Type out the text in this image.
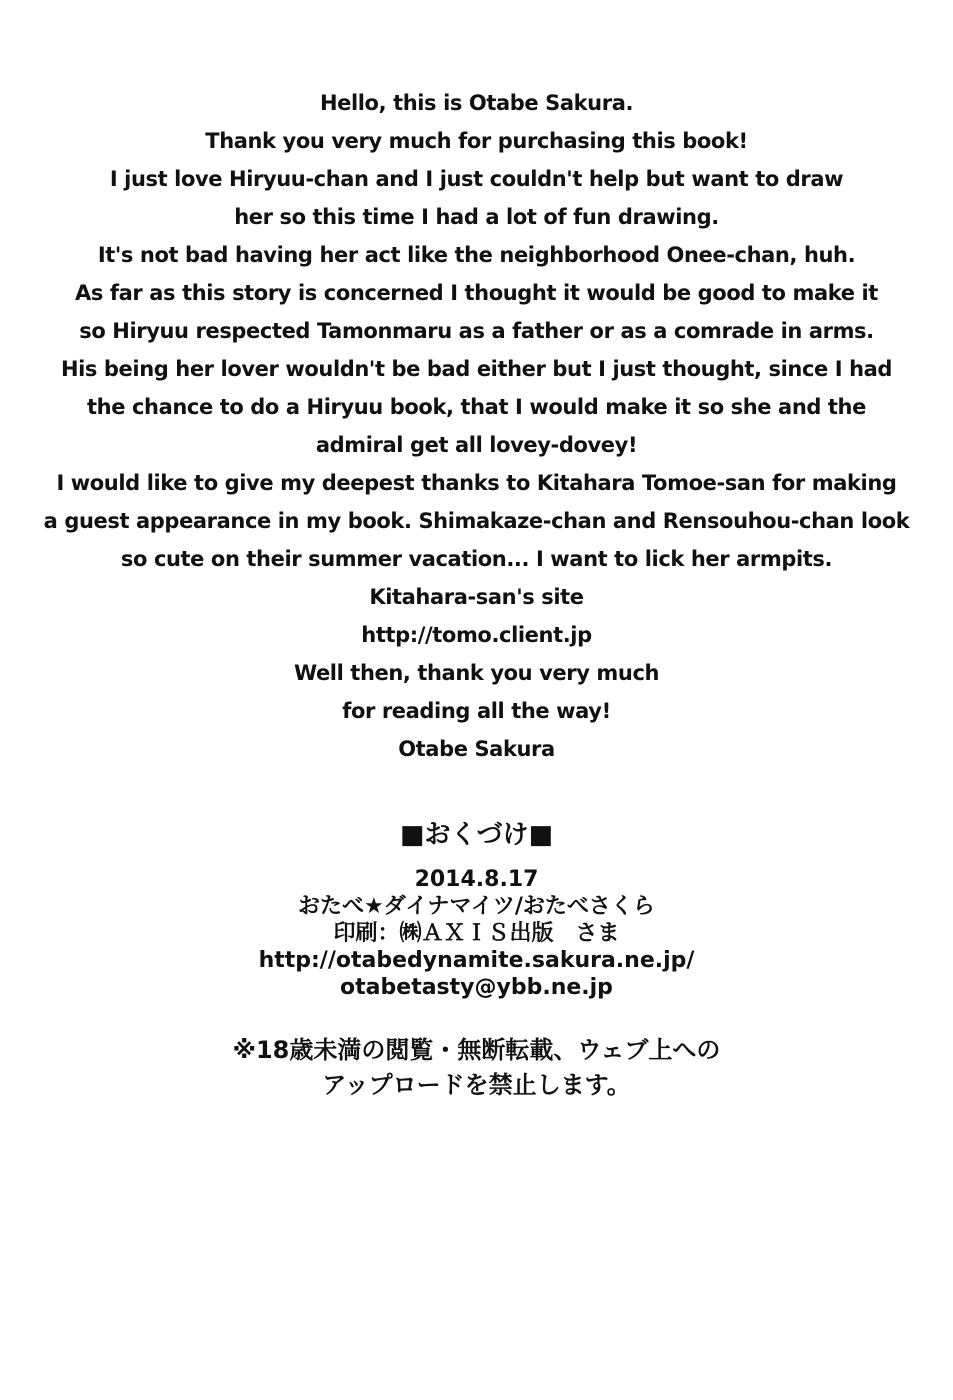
Hello, this is Otabe Sakura.
Thank you very much for purchasing this book!
I just love Hiryuu-chan and I just couldn't help but want to draw
her so this time I had a lot of fun drawing.
It's not bad having her act like the neighborhood Onee-chan, huh.

As far as this story is concerned I thought it would be good to make it
so Hiryuu respected Tamonmaru as a father or as a comrade in arms.
His being her lover wouldn't be bad either but I just thought, since I had
the chance to do a Hiryuu book, that I would make it so she and the
admiral get all lovey-dovey!

I would like to give my deepest thanks to Kitahara Tomoe-san for making
a guest appearance in my book. Shimakaze-chan and Rensouhou-chan look
so cute on their summer vacation... I want to lick her armpits.

Kitahara-san's site
http://tomo.client.jp

Well then, thank you very much
for reading all the way!

Otabe Sakura

■おくづけ■

2014.8.17

おたべ★ダイナマイツ/おたべさくら

印刷：㈱ＡＸＩＳ出版　さま

http://otabedynamite.sakura.ne.jp/

otabetasty@ybb.ne.jp

※18歳未満の閲覧・無断転載、ウェブ上への
アップロードを禁止します。
